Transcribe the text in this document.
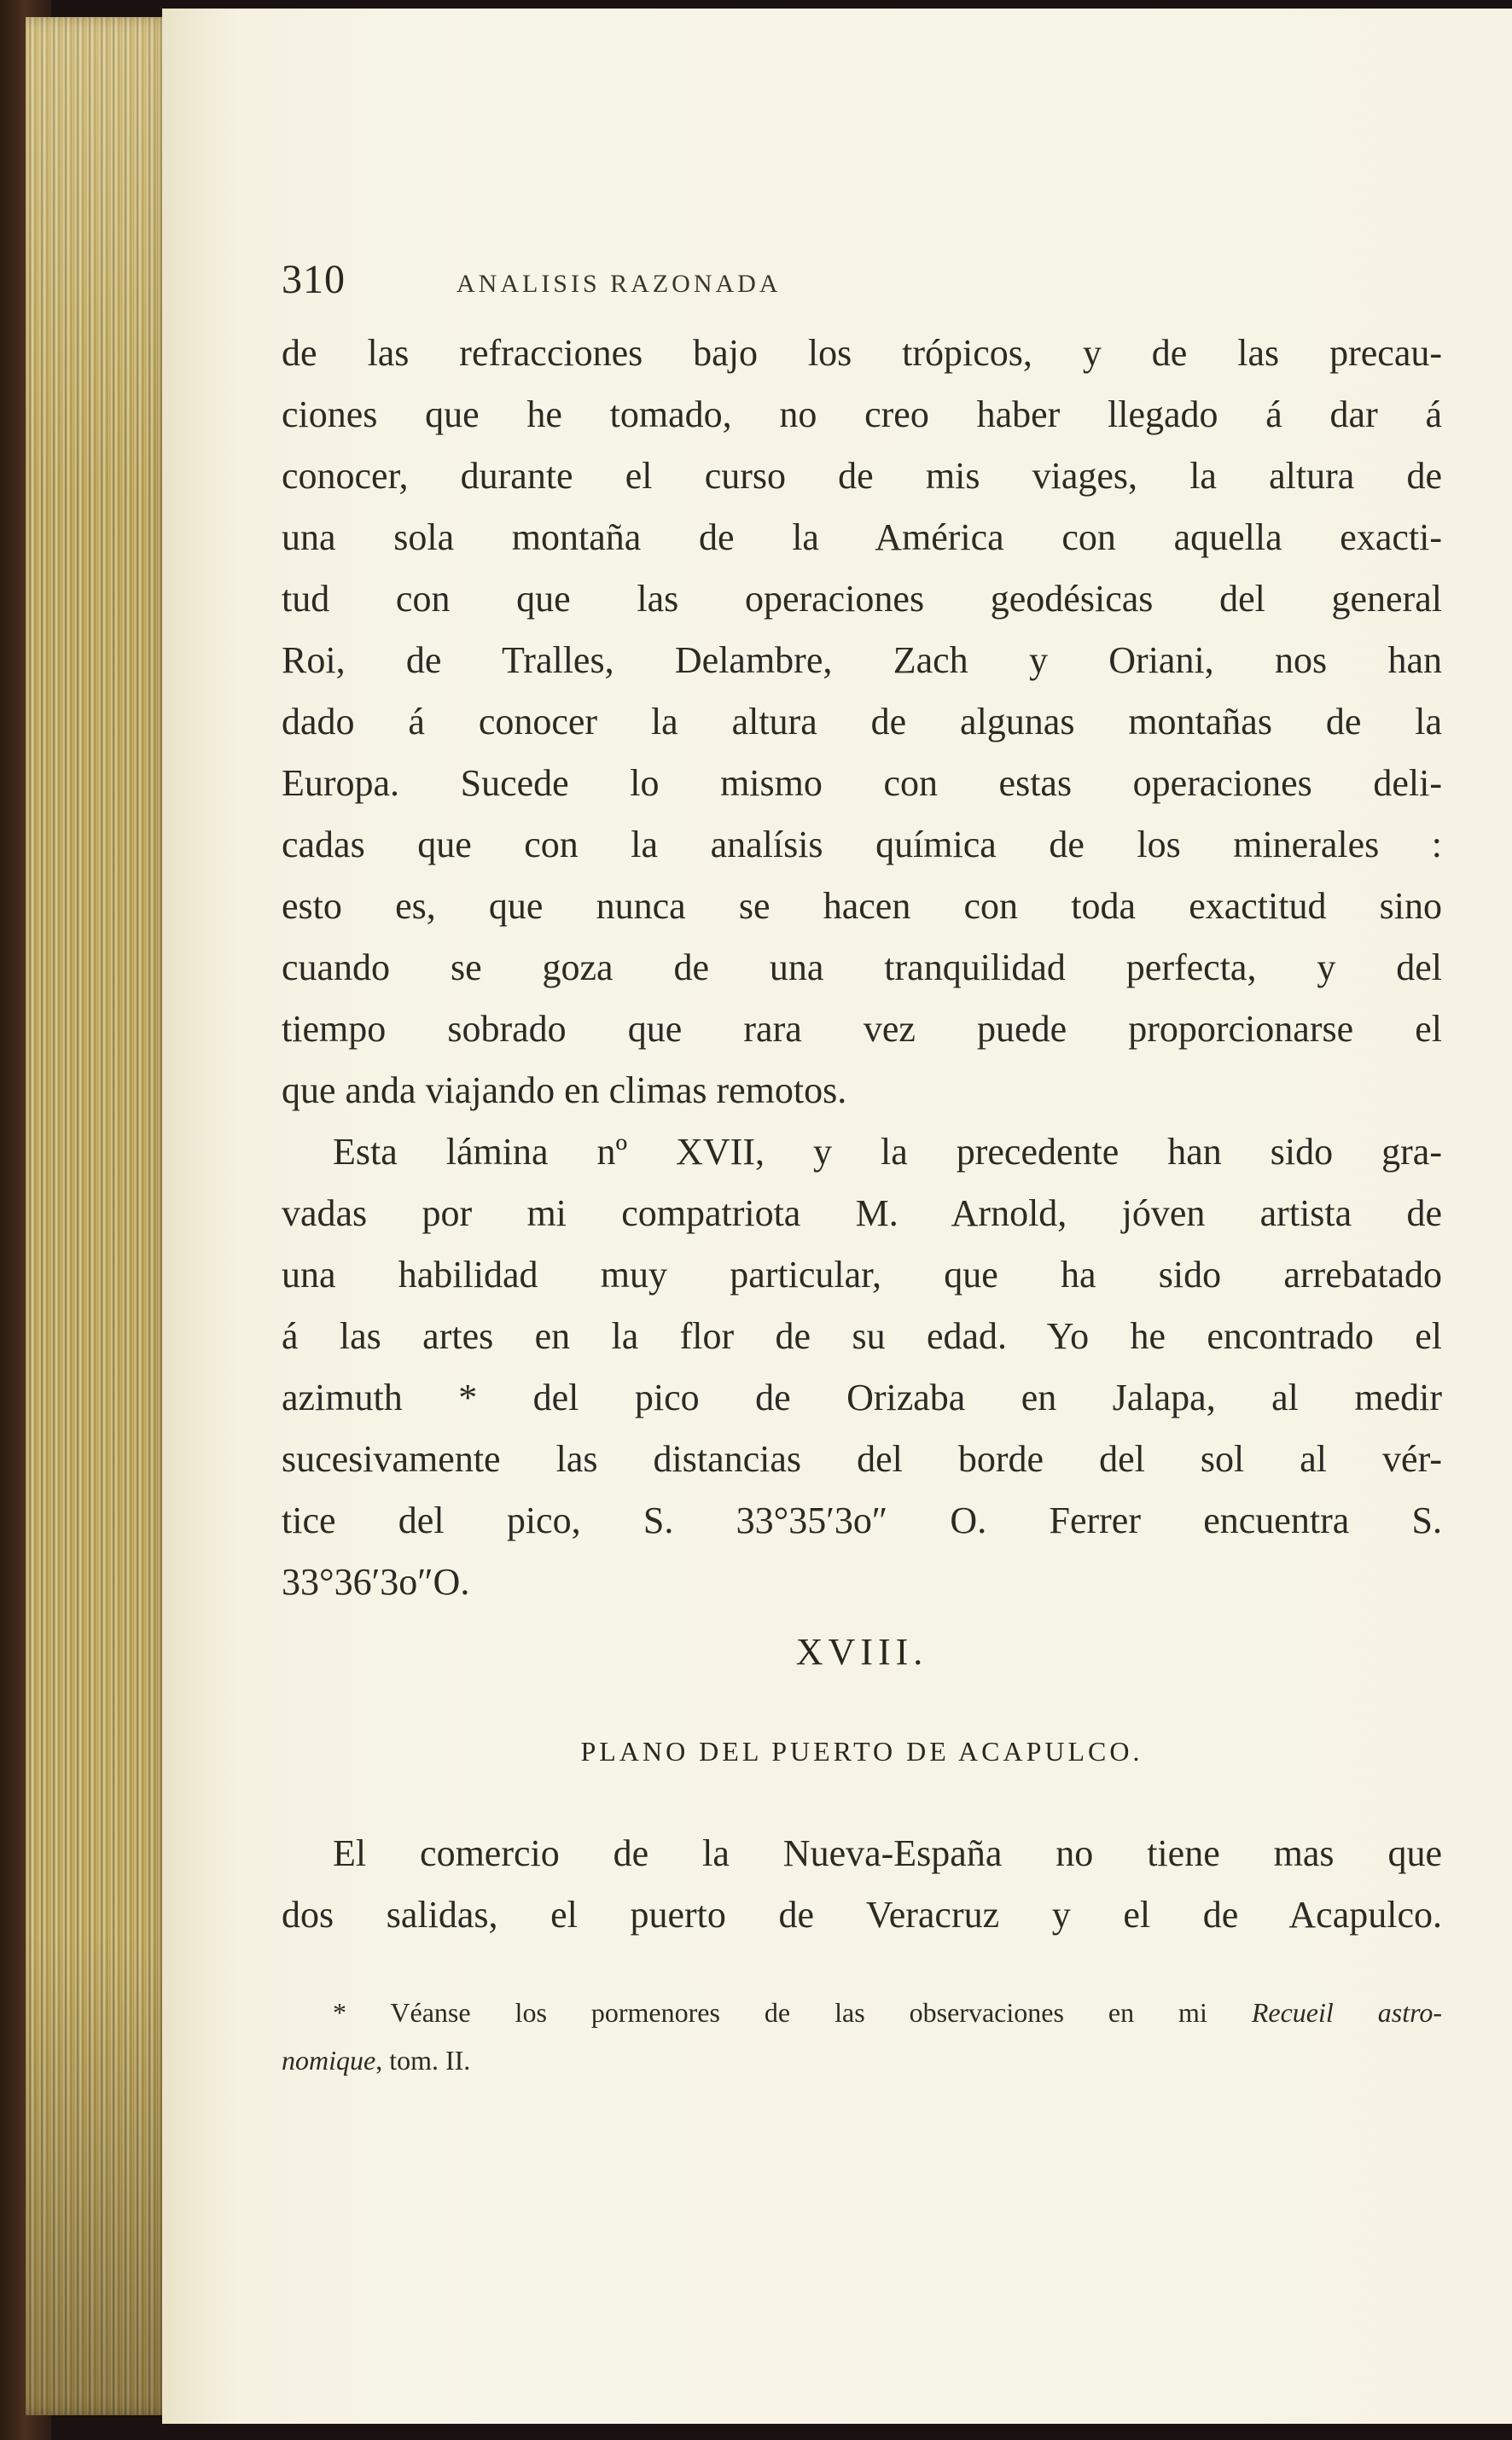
310	ANALISIS RAZONADA
de las refracciones bajo los trópicos, y de las precau-
ciones que he tomado, no creo haber llegado á dar á
conocer, durante el curso de mis viages, la altura de
una sola montaña de la América con aquella exacti-
tud con que las operaciones geodésicas del general
Roi, de Tralles, Delambre, Zach y Oriani, nos han
dado á conocer la altura de algunas montañas de la
Europa. Sucede lo mismo con estas operaciones deli-
cadas que con la analísis química de los minerales :
esto es, que nunca se hacen con toda exactitud sino
cuando se goza de una tranquilidad perfecta, y del
tiempo sobrado que rara vez puede proporcionarse el
que anda viajando en climas remotos.
Esta lámina nº XVII, y la precedente han sido gra-
vadas por mi compatriota M. Arnold, jóven artista de
una habilidad muy particular, que ha sido arrebatado
á las artes en la flor de su edad. Yo he encontrado el
azimuth * del pico de Orizaba en Jalapa, al medir
sucesivamente las distancias del borde del sol al vér-
tice del pico, S. 33°35′3o″ O. Ferrer encuentra S.
33°36′3o″O.
XVIII.
PLANO DEL PUERTO DE ACAPULCO.
El comercio de la Nueva-España no tiene mas que
dos salidas, el puerto de Veracruz y el de Acapulco.
* Véanse los pormenores de las observaciones en mi Recueil astro-
nomique, tom. II.
